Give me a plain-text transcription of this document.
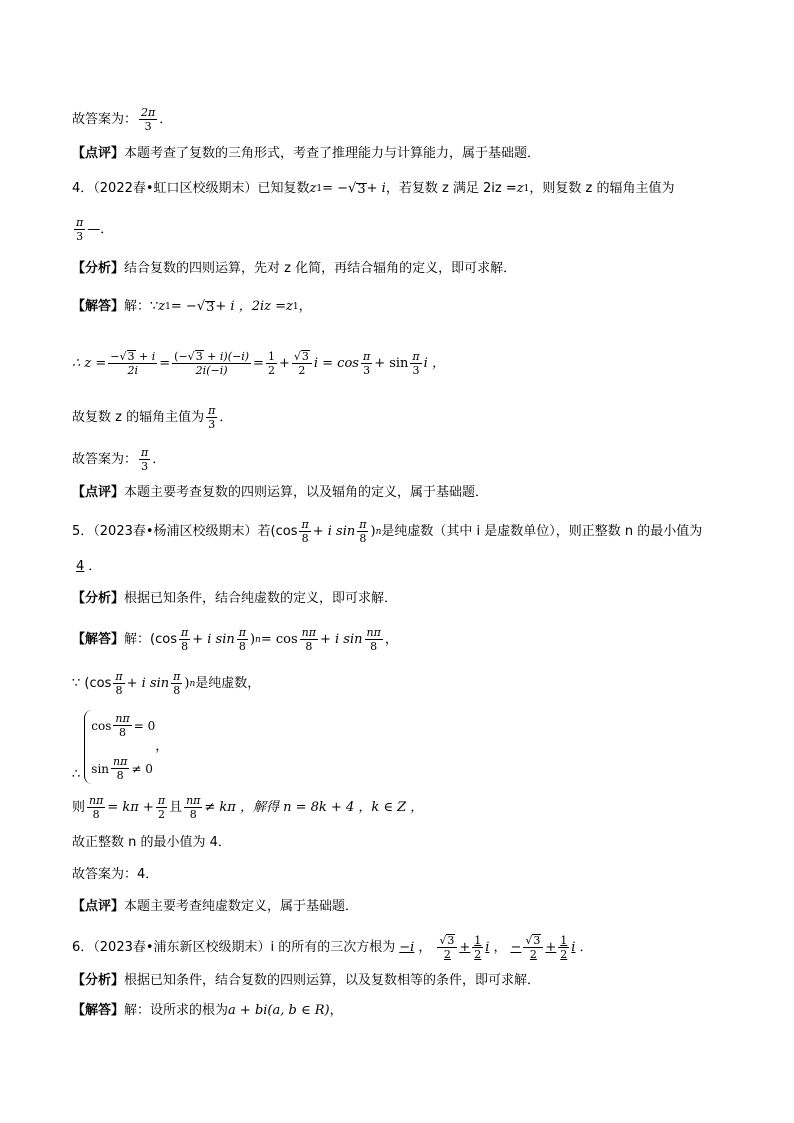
故答案为： $\frac{2\pi}{3}$ ．
【点评】 本题考查了复数的三角形式，考查了推理能力与计算能力，属于基础题．
4．（2022春•虹口区校级期末）已知复数 z 1 = − √ 3 + i ，若复数 z 满足 2iz = z 1 ，则复数 z 的辐角主值为
$\frac{\pi}{3}$ —．
【分析】 结合复数的四则运算，先对 z 化简，再结合辐角的定义，即可求解．
【解答】 解：∵ z 1 = − √ 3 + i ，2iz = z 1 ，
∴ $z = \frac{- √ 3 + i}{2i} = \frac{(- √ 3 + i)(-i)}{2i(-i)} = \frac{1}{2} + \frac{√ 3}{2}$ $i = \cos \frac{\pi}{3} + \sin \frac{\pi}{3}$ i ，
故复数 z 的辐角主值为 $\frac{\pi}{3}$ ．
故答案为： $\frac{\pi}{3}$ ．
【点评】 本题主要考查复数的四则运算，以及辐角的定义，属于基础题．
5．（2023春•杨浦区校级期末）若($\cos \frac{\pi}{8} + i$ $\sin \frac{\pi}{8}$ ) n 是纯虚数（其中 i 是虚数单位），则正整数 n 的最小值为
4 ．
【分析】 根据已知条件，结合纯虚数的定义，即可求解．
【解答】 解：($\cos \frac{\pi}{8} + i$ $\sin \frac{\pi}{8}$ ) $n = \cos \frac{n\pi}{8} + i$ $\sin \frac{n\pi}{8}$ ，
∵ ($\cos \frac{\pi}{8} + i$ $\sin \frac{\pi}{8}$ ) n 是纯虚数，
∴
$\cos \frac{n\pi}{8} = 0$
$\sin \frac{n\pi}{8} \ne 0$
，
则 $\frac{n\pi}{8} = k\pi + \frac{\pi}{2}$ 且 $\frac{n\pi}{8} \ne k\pi$ ，解得 n = 8k + 4 ，k ∈ Z ，
故正整数 n 的最小值为 4．
故答案为：4．
【点评】 本题主要考查纯虚数定义，属于基础题．
6．（2023春•浦东新区校级期末）i 的所有的三次方根为 −i ， $\frac{√ 3}{2} + \frac{1}{2}$ i ， − $\frac{√ 3}{2} + \frac{1}{2}$ i ．
【分析】 根据已知条件，结合复数的四则运算，以及复数相等的条件，即可求解．
【解答】 解：设所求的根为 a + bi(a, b ∈ R) ，
